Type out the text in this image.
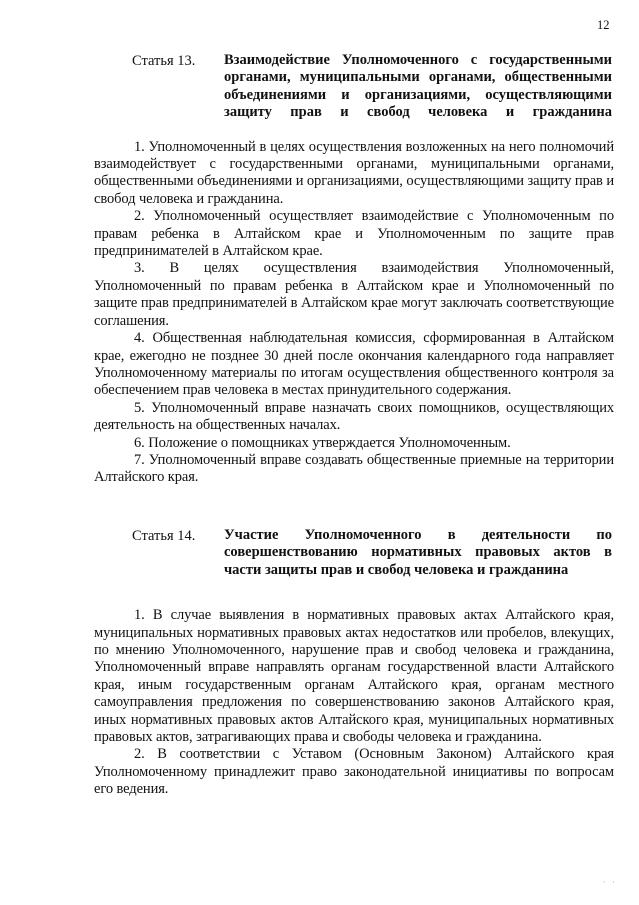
12
Статья 13. Взаимодействие Уполномоченного с государственными органами, муниципальными органами, общественными объединениями и организациями, осуществляющими защиту прав и свобод человека и гражданина

1. Уполномоченный в целях осуществления возложенных на него полномочий взаимодействует с государственными органами, муниципальными органами, общественными объединениями и организациями, осуществляющими защиту прав и свобод человека и гражданина.

2. Уполномоченный осуществляет взаимодействие с Уполномоченным по правам ребенка в Алтайском крае и Уполномоченным по защите прав предпринимателей в Алтайском крае.

3. В целях осуществления взаимодействия Уполномоченный, Уполномоченный по правам ребенка в Алтайском крае и Уполномоченный по защите прав предпринимателей в Алтайском крае могут заключать соответствующие соглашения.

4. Общественная наблюдательная комиссия, сформированная в Алтайском крае, ежегодно не позднее 30 дней после окончания календарного года направляет Уполномоченному материалы по итогам осуществления общественного контроля за обеспечением прав человека в местах принудительного содержания.

5. Уполномоченный вправе назначать своих помощников, осуществляющих деятельность на общественных началах.

6. Положение о помощниках утверждается Уполномоченным.

7. Уполномоченный вправе создавать общественные приемные на территории Алтайского края.

Статья 14. Участие Уполномоченного в деятельности по совершенствованию нормативных правовых актов в части защиты прав и свобод человека и гражданина

1. В случае выявления в нормативных правовых актах Алтайского края, муниципальных нормативных правовых актах недостатков или пробелов, влекущих, по мнению Уполномоченного, нарушение прав и свобод человека и гражданина, Уполномоченный вправе направлять органам государственной власти Алтайского края, иным государственным органам Алтайского края, органам местного самоуправления предложения по совершенствованию законов Алтайского края, иных нормативных правовых актов Алтайского края, муниципальных нормативных правовых актов, затрагивающих права и свободы человека и гражданина.

2. В соответствии с Уставом (Основным Законом) Алтайского края Уполномоченному принадлежит право законодательной инициативы по вопросам его ведения.

· ·
